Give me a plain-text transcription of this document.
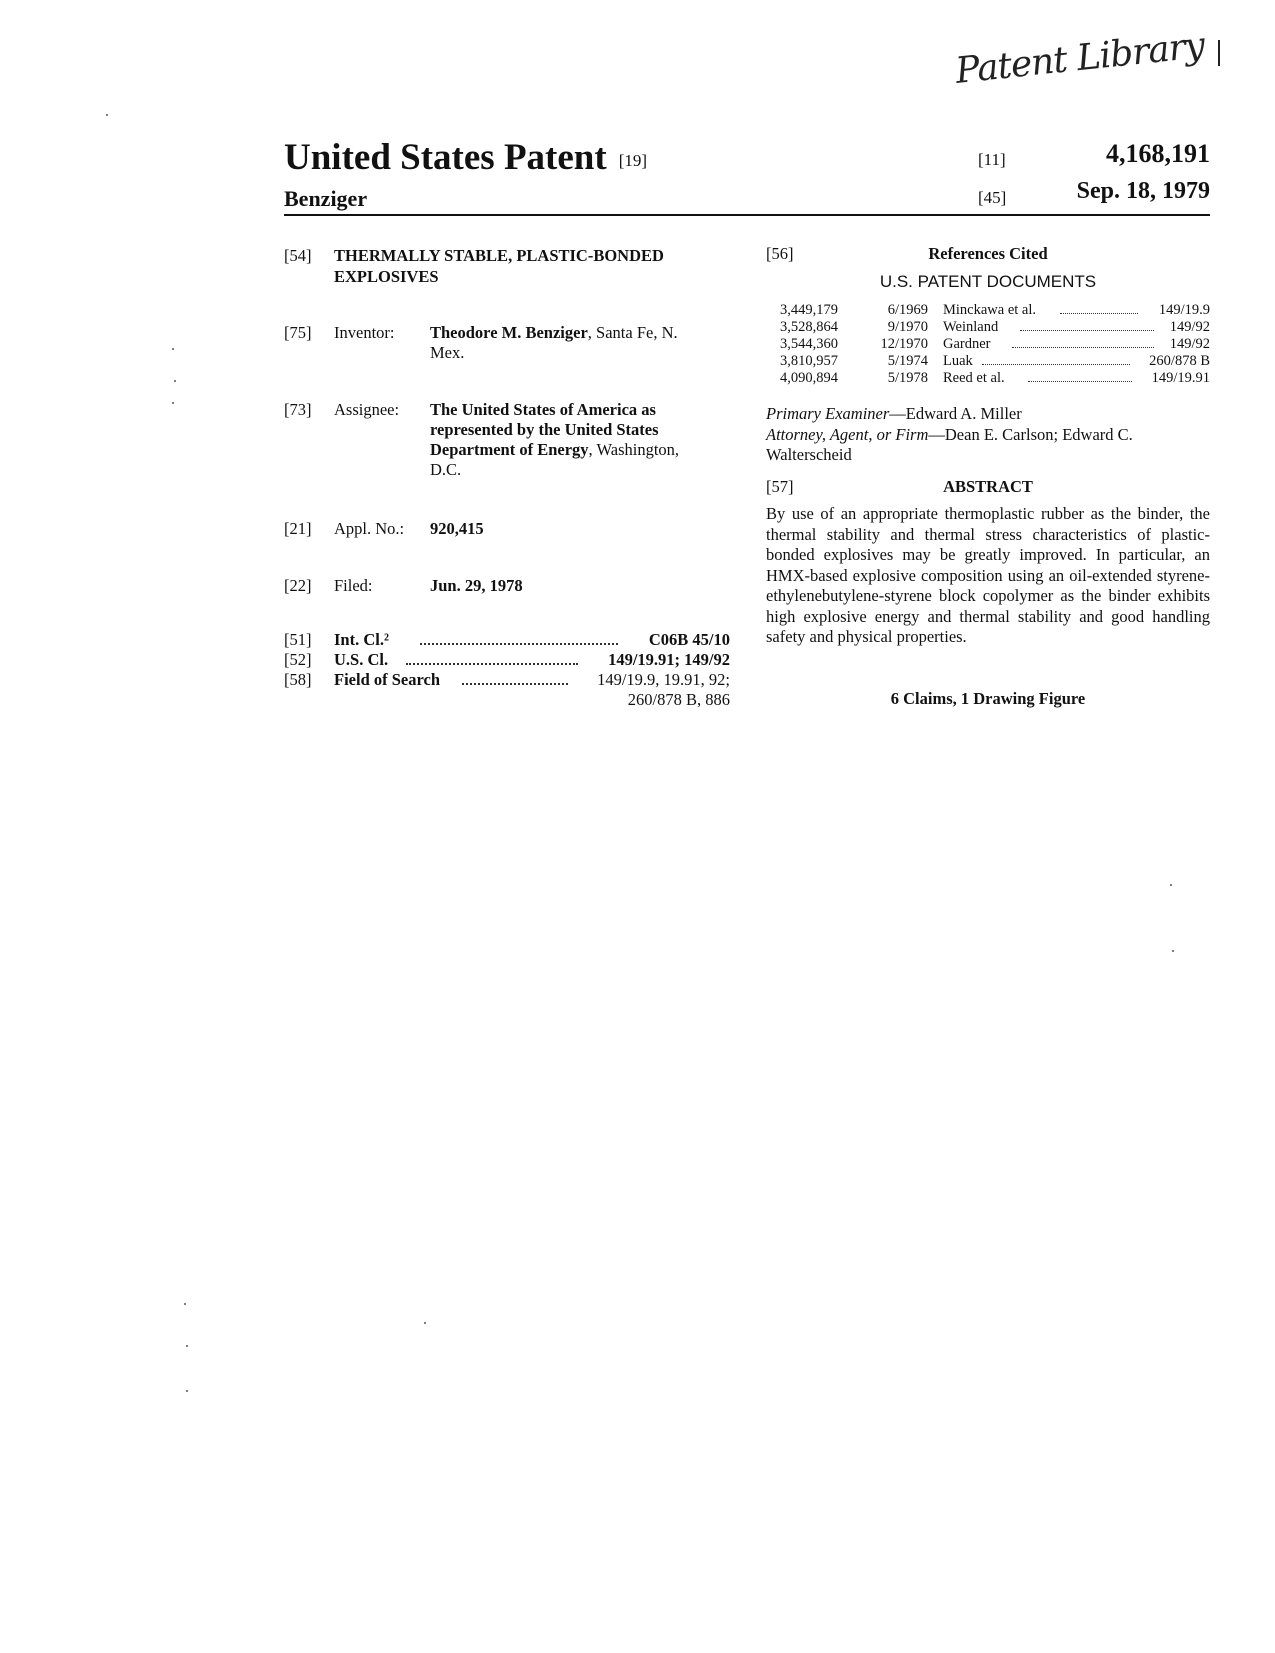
Patent Library
United States Patent [19]
Benziger
[11]	4,168,191
[45]	Sep. 18, 1979
[54]	THERMALLY STABLE, PLASTIC-BONDED
EXPLOSIVES
[75]	Inventor: Theodore M. Benziger, Santa Fe, N.
Mex.
[73]	Assignee: The United States of America as
represented by the United States
Department of Energy, Washington,
D.C.
[21]	Appl. No.: 920,415
[22]	Filed:	Jun. 29, 1978
[51]	Int. Cl.²	C06B 45/10
[52]	U.S. Cl.	149/19.91; 149/92
[58]	Field of Search	149/19.9, 19.91, 92;
260/878 B, 886
[56]	References Cited
U.S. PATENT DOCUMENTS
3,449,179	6/1969 Minckawa et al.	149/19.9
3,528,864	9/1970 Weinland	149/92
3,544,360	12/1970 Gardner	149/92
3,810,957	5/1974 Luak	260/878 B
4,090,894	5/1978 Reed et al.	149/19.91
Primary Examiner—Edward A. Miller
Attorney, Agent, or Firm—Dean E. Carlson; Edward C.
Walterscheid
[57]	ABSTRACT
By use of an appropriate thermoplastic rubber as the binder, the thermal stability and thermal stress characteristics of plastic-bonded explosives may be greatly improved. In particular, an HMX-based explosive composition using an oil-extended styrene-ethylenebutylene-styrene block copolymer as the binder exhibits high explosive energy and thermal stability and good handling safety and physical properties.
6 Claims, 1 Drawing Figure
